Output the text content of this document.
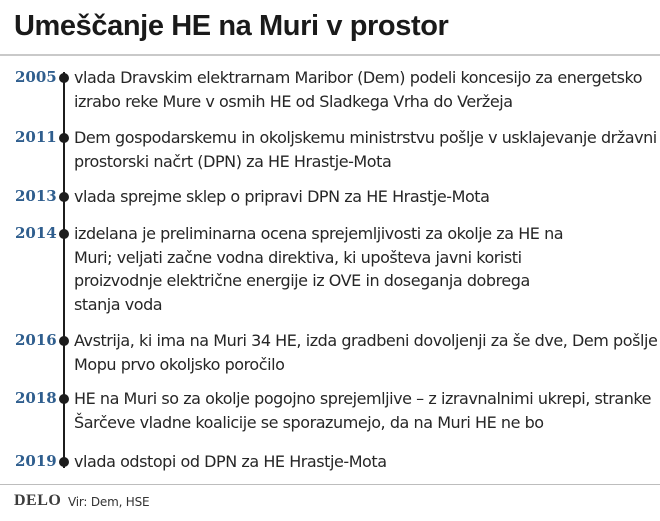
Umeščanje HE na Muri v prostor
2005 vlada Dravskim elektrarnam Maribor (Dem) podeli koncesijo za energetsko izrabo reke Mure v osmih HE od Sladkega Vrha do Veržeja
2011 Dem gospodarskemu in okoljskemu ministrstvu pošlje v usklajevanje državni prostorski načrt (DPN) za HE Hrastje-Mota
2013 vlada sprejme sklep o pripravi DPN za HE Hrastje-Mota
2014 izdelana je preliminarna ocena sprejemljivosti za okolje za HE na Muri; veljati začne vodna direktiva, ki upošteva javni koristi proizvodnje električne energije iz OVE in doseganja dobrega stanja voda
2016 Avstrija, ki ima na Muri 34 HE, izda gradbeni dovoljenji za še dve, Dem pošlje Mopu prvo okoljsko poročilo
2018 HE na Muri so za okolje pogojno sprejemljive – z izravnalnimi ukrepi, stranke Šarčeve vladne koalicije se sporazumejo, da na Muri HE ne bo
2019 vlada odstopi od DPN za HE Hrastje-Mota
DELO Vir: Dem, HSE
